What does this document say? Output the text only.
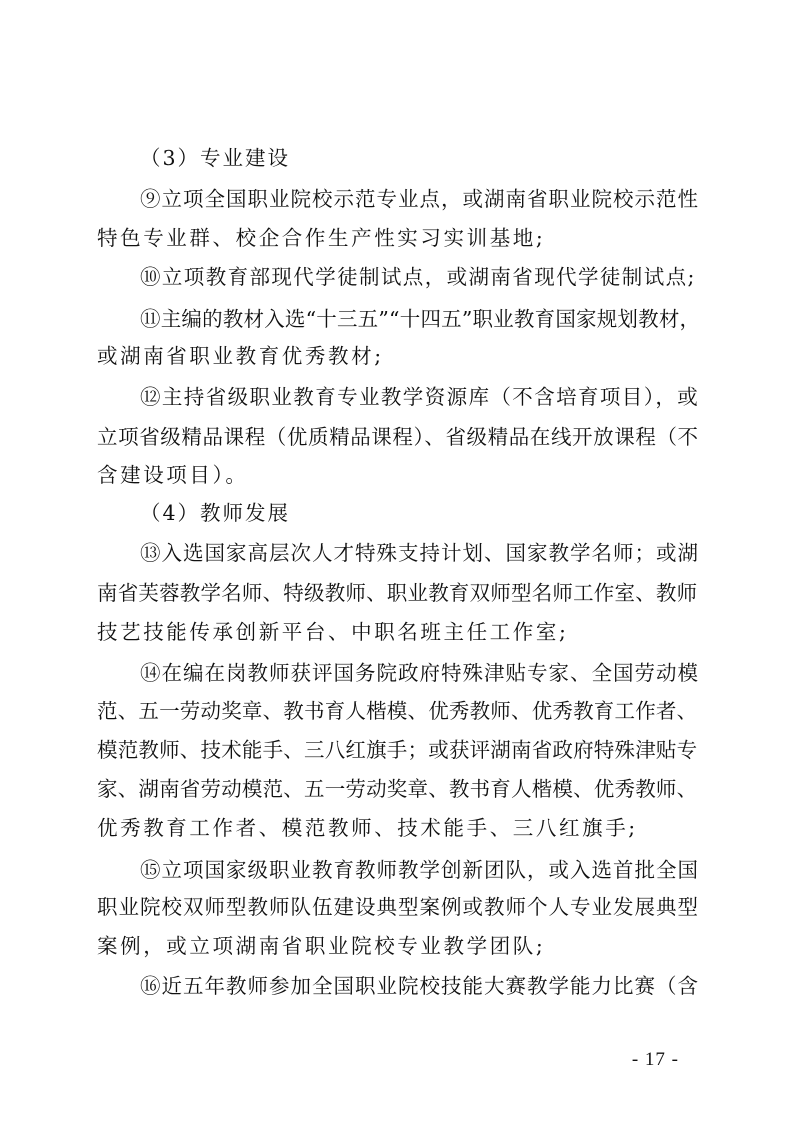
（3）专业建设
⑨立项全国职业院校示范专业点，或湖南省职业院校示范性
特色专业群、校企合作生产性实习实训基地;
⑩立项教育部现代学徒制试点，或湖南省现代学徒制试点;
⑪主编的教材入选“十三五”“十四五”职业教育国家规划教材，
或湖南省职业教育优秀教材;
⑫主持省级职业教育专业教学资源库（不含培育项目），或
立项省级精品课程（优质精品课程）、省级精品在线开放课程（不
含建设项目）。
（4）教师发展
⑬入选国家高层次人才特殊支持计划、国家教学名师；或湖
南省芙蓉教学名师、特级教师、职业教育双师型名师工作室、教师
技艺技能传承创新平台、中职名班主任工作室;
⑭在编在岗教师获评国务院政府特殊津贴专家、全国劳动模
范、五一劳动奖章、教书育人楷模、优秀教师、优秀教育工作者、
模范教师、技术能手、三八红旗手；或获评湖南省政府特殊津贴专
家、湖南省劳动模范、五一劳动奖章、教书育人楷模、优秀教师、
优秀教育工作者、模范教师、技术能手、三八红旗手;
⑮立项国家级职业教育教师教学创新团队，或入选首批全国
职业院校双师型教师队伍建设典型案例或教师个人专业发展典型
案例，或立项湖南省职业院校专业教学团队;
⑯近五年教师参加全国职业院校技能大赛教学能力比赛（含
- 17 -
